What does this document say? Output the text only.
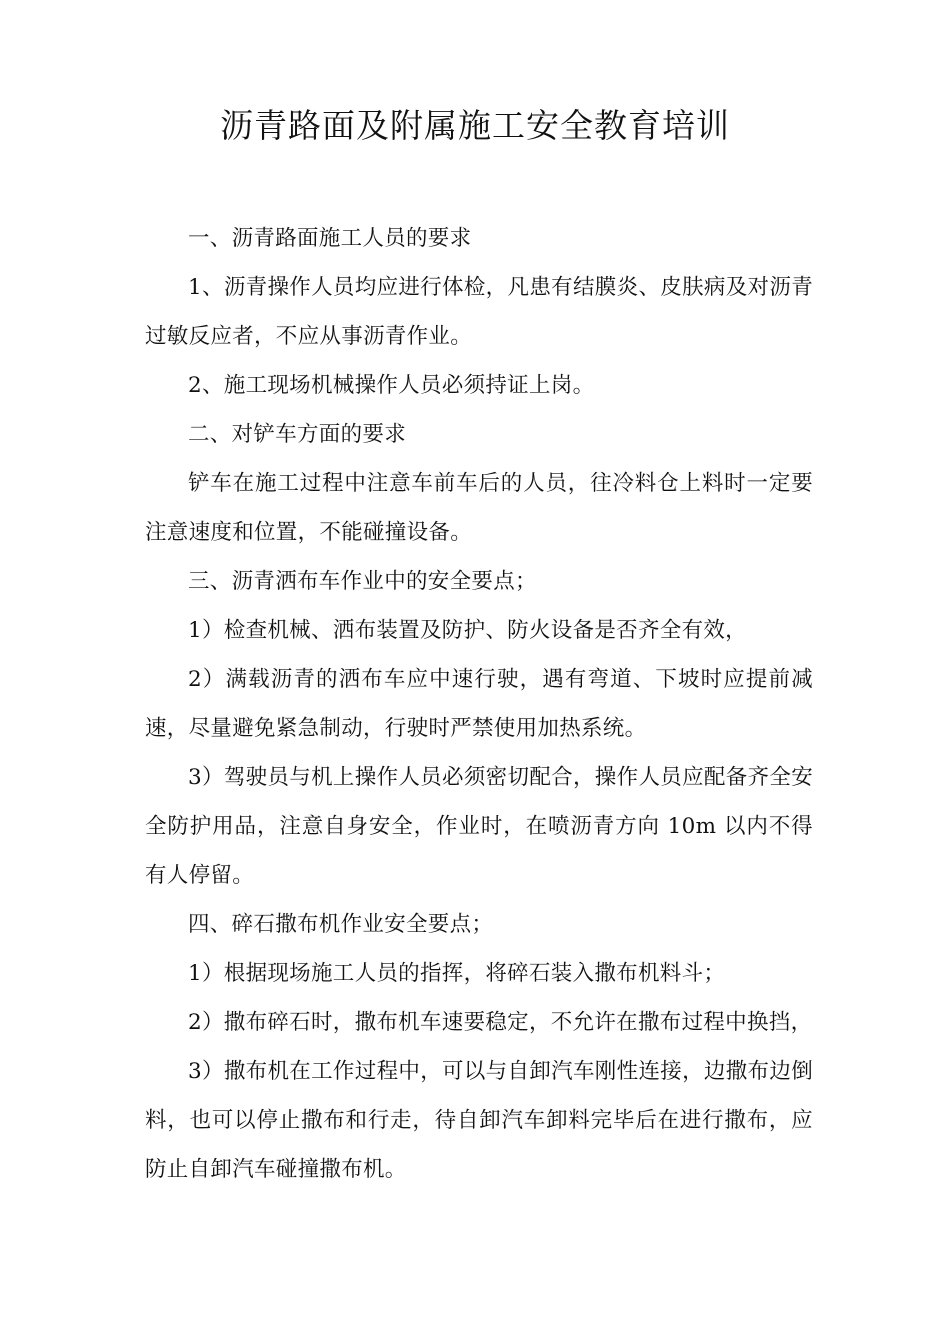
沥青路面及附属施工安全教育培训

一、沥青路面施工人员的要求

1、沥青操作人员均应进行体检，凡患有结膜炎、皮肤病及对沥青过敏反应者，不应从事沥青作业。

2、施工现场机械操作人员必须持证上岗。

二、对铲车方面的要求

铲车在施工过程中注意车前车后的人员，往冷料仓上料时一定要注意速度和位置，不能碰撞设备。

三、沥青洒布车作业中的安全要点；

1）检查机械、洒布装置及防护、防火设备是否齐全有效，

2）满载沥青的洒布车应中速行驶，遇有弯道、下坡时应提前减速，尽量避免紧急制动，行驶时严禁使用加热系统。

3）驾驶员与机上操作人员必须密切配合，操作人员应配备齐全安全防护用品，注意自身安全，作业时，在喷沥青方向 10m 以内不得有人停留。

四、碎石撒布机作业安全要点；

1）根据现场施工人员的指挥，将碎石装入撒布机料斗；

2）撒布碎石时，撒布机车速要稳定，不允许在撒布过程中换挡，

3）撒布机在工作过程中，可以与自卸汽车刚性连接，边撒布边倒料，也可以停止撒布和行走，待自卸汽车卸料完毕后在进行撒布，应防止自卸汽车碰撞撒布机。
